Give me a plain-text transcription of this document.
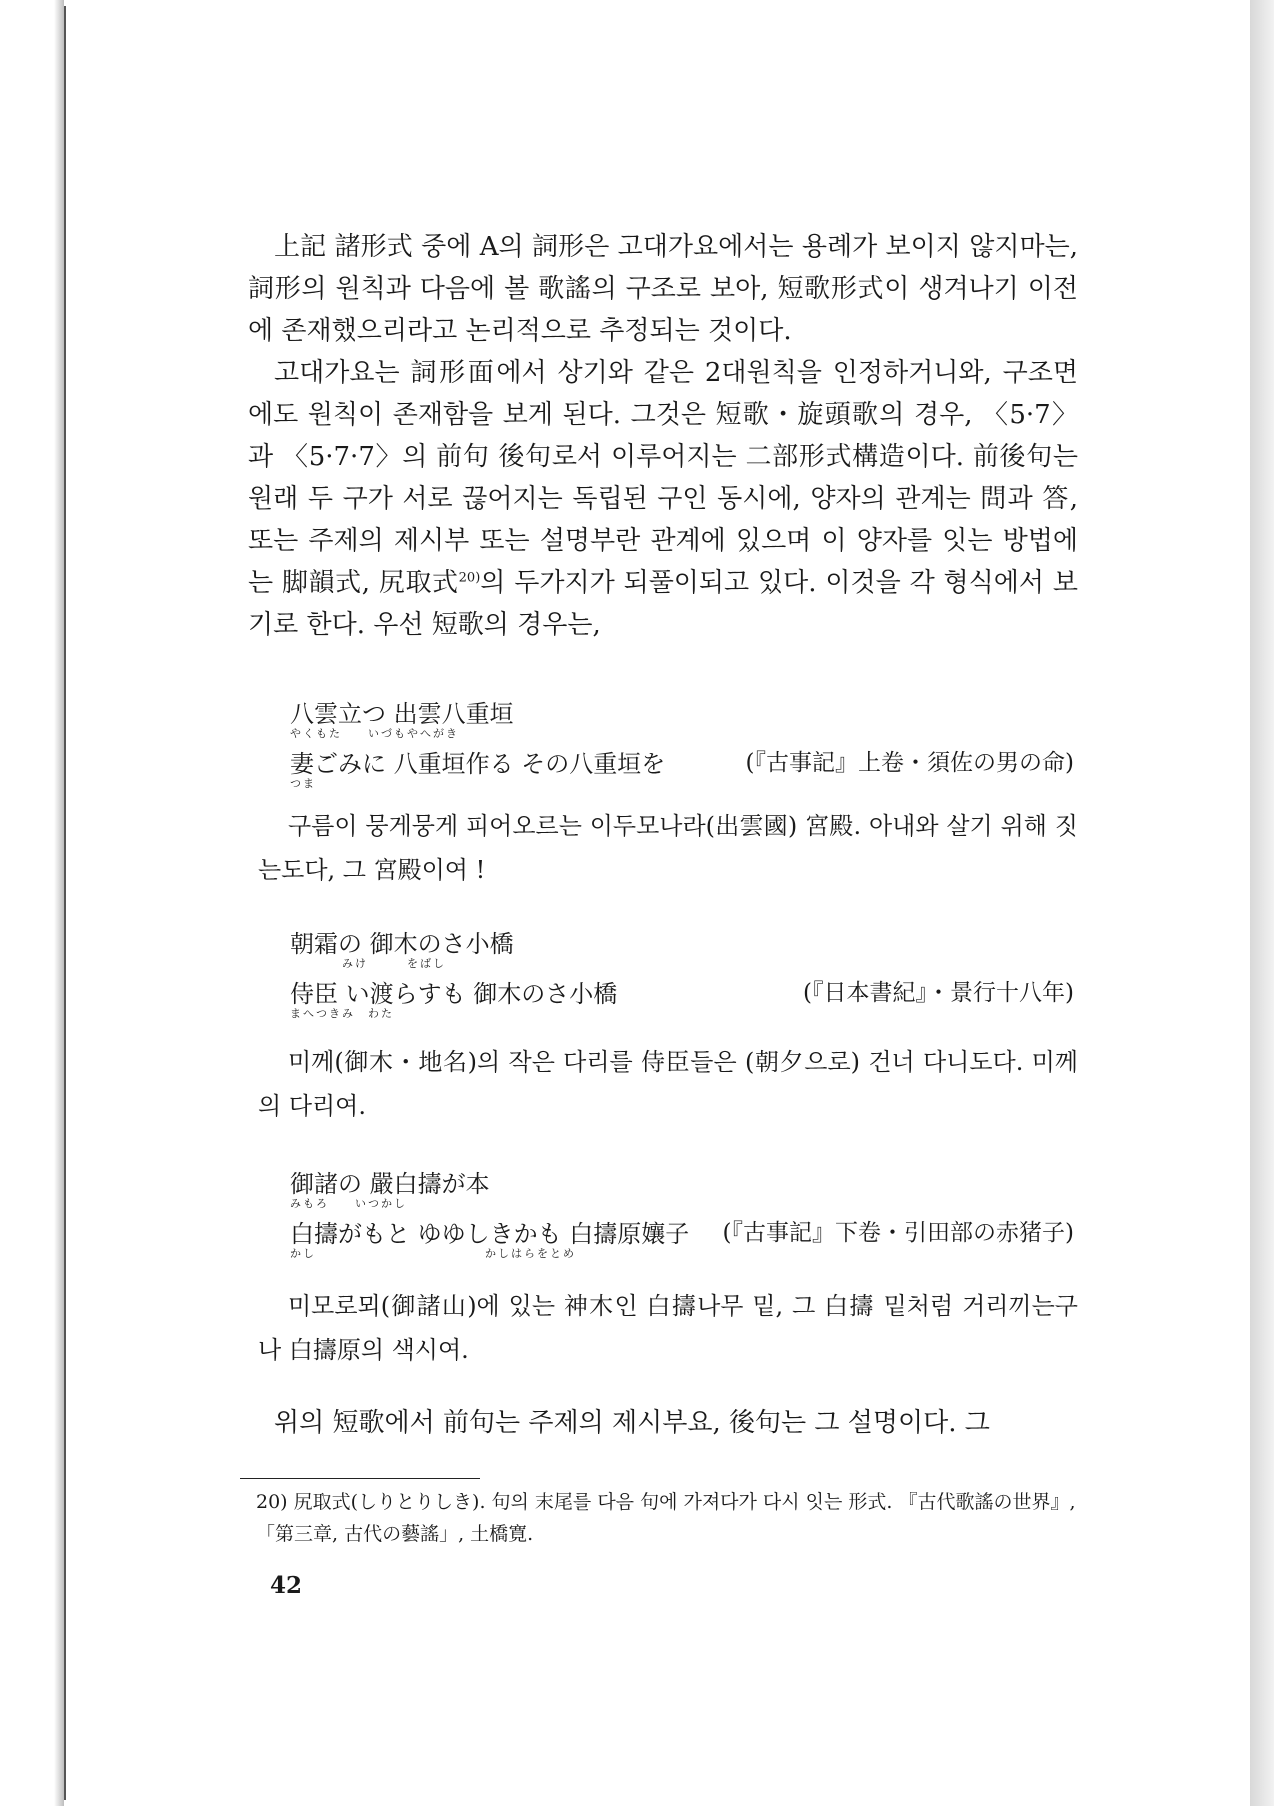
上記 諸形式 중에 A의 詞形은 고대가요에서는 용례가 보이지 않지마는, 詞形의 원칙과 다음에 볼 歌謠의 구조로 보아, 短歌形式이 생겨나기 이전에 존재했으리라고 논리적으로 추정되는 것이다.

고대가요는 詞形面에서 상기와 같은 2대원칙을 인정하거니와, 구조면에도 원칙이 존재함을 보게 된다. 그것은 短歌・旋頭歌의 경우, 〈5·7〉과 〈5·7·7〉의 前句 後句로서 이루어지는 二部形式構造이다. 前後句는 원래 두 구가 서로 끊어지는 독립된 구인 동시에, 양자의 관계는 問과 答, 또는 주제의 제시부 또는 설명부란 관계에 있으며 이 양자를 잇는 방법에는 脚韻式, 尻取式$^{20)}$의 두가지가 되풀이되고 있다. 이것을 각 형식에서 보기로 한다. 우선 短歌의 경우는,

八雲立つ 出雲八重垣
やくもた　　いづもやへがき
妻ごみに 八重垣作る その八重垣を	(『古事記』上卷・須佐の男の命)
つま

구름이 뭉게뭉게 피어오르는 이두모나라(出雲國) 宮殿. 아내와 살기 위해 짓는도다, 그 宮殿이여 !

朝霜の 御木のさ小橋
　　　　みけ　　　をばし
侍臣 い渡らすも 御木のさ小橋	(『日本書紀』・景行十八年)
まへつきみ　わた

미께(御木・地名)의 작은 다리를 侍臣들은 (朝夕으로) 건너 다니도다. 미께의 다리여.

御諸の 嚴白擣が本
みもろ　　いつかし
白擣がもと ゆゆしきかも 白擣原孃子 (『古事記』下卷・引田部の赤猪子)
かし　　　　　　　　　　　　　かしはらをとめ

미모로뫼(御諸山)에 있는 神木인 白擣나무 밑, 그 白擣 밑처럼 거리끼는구나 白擣原의 색시여.

위의 短歌에서 前句는 주제의 제시부요, 後句는 그 설명이다. 그

20) 尻取式(しりとりしき). 句의 末尾를 다음 句에 가져다가 다시 잇는 形式. 『古代歌謠の世界』, 「第三章, 古代の藝謠」, 土橋寛.
42
